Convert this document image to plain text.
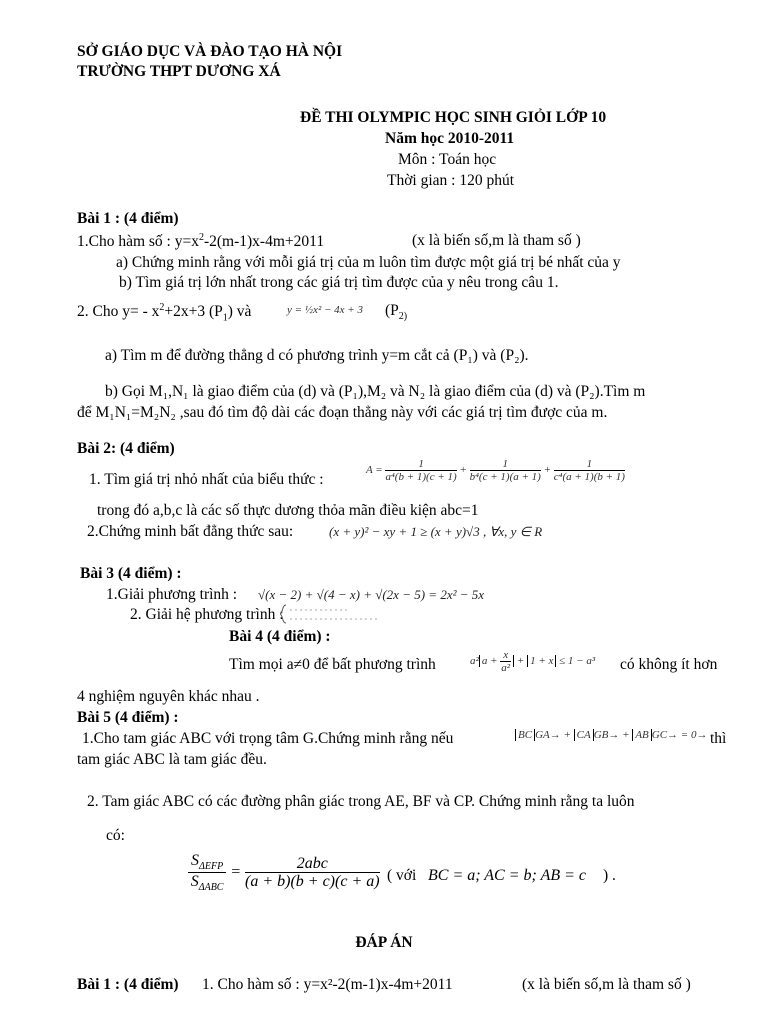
SỞ GIÁO DỤC VÀ ĐÀO TẠO HÀ NỘI
TRƯỜNG THPT DƯƠNG XÁ
ĐỀ THI OLYMPIC HỌC SINH GIỎI LỚP 10
Năm học 2010-2011
Môn : Toán học
Thời gian : 120 phút
Bài 1 : (4 điểm)
1.Cho hàm số : $y=x^2-2(m-1)x-4m+2011$	(x là biến số,m là tham số )
a) Chứng minh rằng với mỗi giá trị của m luôn tìm được một giá trị bé nhất của y
b) Tìm giá trị lớn nhất trong các giá trị tìm được của y nêu trong câu 1.
2. Cho $y= - x^2+2x+3$ $(P_1)$ và	y = ½x² − 4x + 3 ($P_{2)}$
a) Tìm m để đường thẳng d có phương trình y=m cắt cả (P₁) và (P₂).
b) Gọi M₁,N₁ là giao điểm của (d) và (P₁),M₂ và N₂ là giao điểm của (d) và (P₂).Tìm m
để M₁N₁=M₂N₂ ,sau đó tìm độ dài các đoạn thẳng này với các giá trị tìm được của m.
Bài 2: (4 điểm)
1. Tìm giá trị nhỏ nhất của biểu thức :
$A = \frac{1}{\text{a⁴(b + 1)(c + 1)}} + \frac{1}{\text{b⁴(c + 1)(a + 1)}} + \frac{1}{\text{c⁴(a + 1)(b + 1)}}$
trong đó a,b,c là các số thực dương thỏa mãn điều kiện abc=1
2.Chứng minh bất đẳng thức sau:	(x + y)² − xy + 1 ≥ (x + y)√3 , ∀x, y ∈ R
Bài 3 (4 điểm) :
1.Giải phương trình : √(x − 2) + √(4 − x) + √(2x − 5) = 2x² − 5x
2. Giải hệ phương trình :
Bài 4 (4 điểm) :
Tìm mọi a≠0 để bất phương trình	a² $a + \frac{x}{\text{a²}} + 1 + x \le 1 - a^3$ có không ít hơn
4 nghiệm nguyên khác nhau .
Bài 5 (4 điểm) :
1.Cho tam giác ABC với trọng tâm G.Chứng minh rằng nếu	BC GA→ + CA GB→ + AB GC→ = 0→ thì
tam giác ABC là tam giác đều.
2. Tam giác ABC có các đường phân giác trong AE, BF và CP. Chứng minh rằng ta luôn
có:
$\frac{S_{\Delta EFP}}{S_{\Delta ABC}} = \frac{\text{2abc}}{(a + b)(b + c)(c + a)}$ ( với BC = a; AC = b; AB = c ) .
ĐÁP ÁN
Bài 1 : (4 điểm) 1. Cho hàm số : y=x²-2(m-1)x-4m+2011	(x là biến số,m là tham số )
